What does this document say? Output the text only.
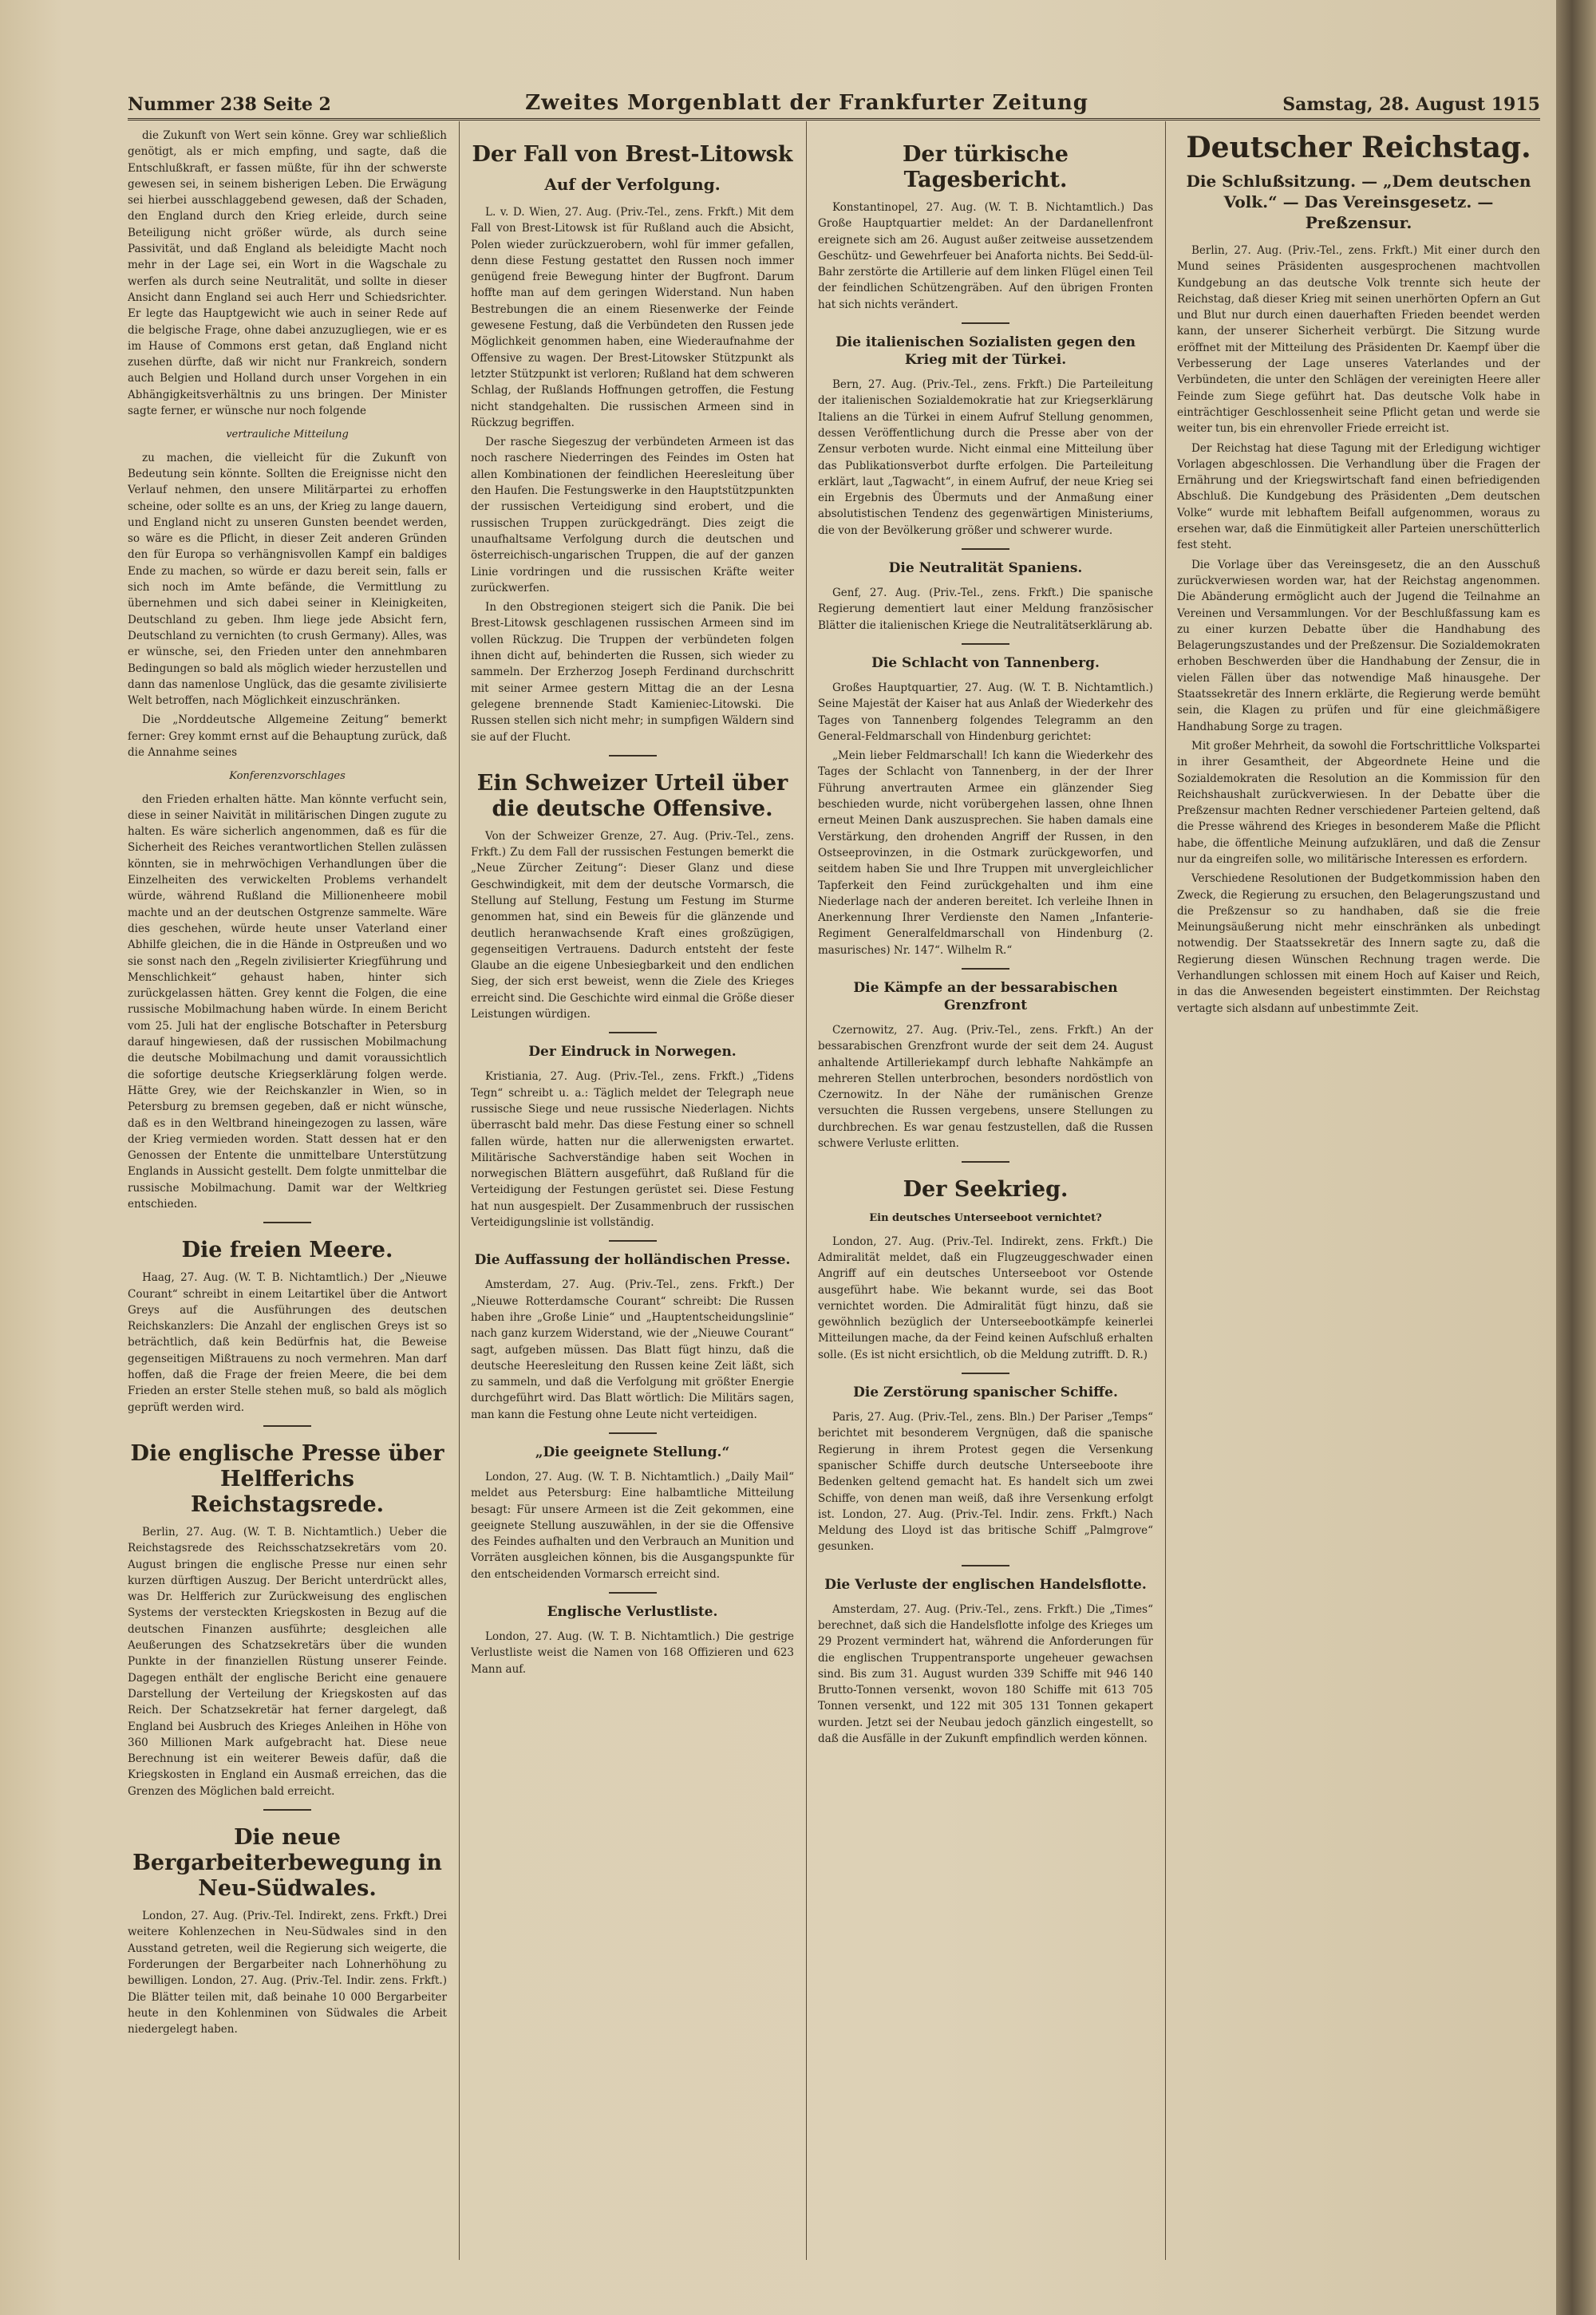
Nummer 238 Seite 2	Zweites Morgenblatt der Frankfurter Zeitung	Samstag, 28. August 1915

die Zukunft von Wert sein könne. Grey war schließlich genötigt, als er mich empfing, und sagte, daß die Entschlußkraft, er fassen müßte, für ihn der schwerste gewesen sei, in seinem bisherigen Leben. Die Erwägung sei hierbei ausschlaggebend gewesen, daß der Schaden, den England durch den Krieg erleide, durch seine Beteiligung nicht größer würde, als durch seine Passivität, und daß England als beleidigte Macht noch mehr in der Lage sei, ein Wort in die Wagschale zu werfen als durch seine Neutralität, und sollte in dieser Ansicht dann England sei auch Herr und Schiedsrichter. Er legte das Hauptgewicht wie auch in seiner Rede auf die belgische Frage, ohne dabei anzuzugliegen, wie er es im Hause of Commons erst getan, daß England nicht zusehen dürfte, daß wir nicht nur Frankreich, sondern auch Belgien und Holland durch unser Vorgehen in ein Abhängigkeitsverhältnis zu uns bringen. Der Minister sagte ferner, er wünsche nur noch folgende

vertrauliche Mitteilung

zu machen, die vielleicht für die Zukunft von Bedeutung sein könnte. Sollten die Ereignisse nicht den Verlauf nehmen, den unsere Militärpartei zu erhoffen scheine, oder sollte es an uns, der Krieg zu lange dauern, und England nicht zu unseren Gunsten beendet werden, so wäre es die Pflicht, in dieser Zeit anderen Gründen den für Europa so verhängnisvollen Kampf ein baldiges Ende zu machen, so würde er dazu bereit sein, falls er sich noch im Amte befände, die Vermittlung zu übernehmen und sich dabei seiner in Kleinigkeiten, Deutschland zu geben. Ihm liege jede Absicht fern, Deutschland zu vernichten (to crush Germany). Alles, was er wünsche, sei, den Frieden unter den annehmbaren Bedingungen so bald als möglich wieder herzustellen und dann das namenlose Unglück, das die gesamte zivilisierte Welt betroffen, nach Möglichkeit einzuschränken.

Die „Norddeutsche Allgemeine Zeitung“ bemerkt ferner: Grey kommt ernst auf die Behauptung zurück, daß die Annahme seines

Konferenzvorschlages

den Frieden erhalten hätte. Man könnte verfucht sein, diese in seiner Naivität in militärischen Dingen zugute zu halten. Es wäre sicherlich angenommen, daß es für die Sicherheit des Reiches verantwortlichen Stellen zulässen könnten, sie in mehrwöchigen Verhandlungen über die Einzelheiten des verwickelten Problems verhandelt würde, während Rußland die Millionenheere mobil machte und an der deutschen Ostgrenze sammelte. Wäre dies geschehen, würde heute unser Vaterland einer Abhilfe gleichen, die in die Hände in Ostpreußen und wo sie sonst nach den „Regeln zivilisierter Kriegführung und Menschlichkeit“ gehaust haben, hinter sich zurückgelassen hätten. Grey kennt die Folgen, die eine russische Mobilmachung haben würde. In einem Bericht vom 25. Juli hat der englische Botschafter in Petersburg darauf hingewiesen, daß der russischen Mobilmachung die deutsche Mobilmachung und damit voraussichtlich die sofortige deutsche Kriegserklärung folgen werde. Hätte Grey, wie der Reichskanzler in Wien, so in Petersburg zu bremsen gegeben, daß er nicht wünsche, daß es in den Weltbrand hineingezogen zu lassen, wäre der Krieg vermieden worden. Statt dessen hat er den Genossen der Entente die unmittelbare Unterstützung Englands in Aussicht gestellt. Dem folgte unmittelbar die russische Mobilmachung. Damit war der Weltkrieg entschieden.

Die freien Meere.

Haag, 27. Aug. (W. T. B. Nichtamtlich.) Der „Nieuwe Courant“ schreibt in einem Leitartikel über die Antwort Greys auf die Ausführungen des deutschen Reichskanzlers: Die Anzahl der englischen Greys ist so beträchtlich, daß kein Bedürfnis hat, die Beweise gegenseitigen Mißtrauens zu noch vermehren. Man darf hoffen, daß die Frage der freien Meere, die bei dem Frieden an erster Stelle stehen muß, so bald als möglich geprüft werden wird.

Die englische Presse über Helfferichs Reichstagsrede.

Berlin, 27. Aug. (W. T. B. Nichtamtlich.) Ueber die Reichstagsrede des Reichsschatzsekretärs vom 20. August bringen die englische Presse nur einen sehr kurzen dürftigen Auszug. Der Bericht unterdrückt alles, was Dr. Helfferich zur Zurückweisung des englischen Systems der versteckten Kriegskosten in Bezug auf die deutschen Finanzen ausführte; desgleichen alle Aeußerungen des Schatzsekretärs über die wunden Punkte in der finanziellen Rüstung unserer Feinde. Dagegen enthält der englische Bericht eine genauere Darstellung der Verteilung der Kriegskosten auf das Reich. Der Schatzsekretär hat ferner dargelegt, daß England bei Ausbruch des Krieges Anleihen in Höhe von 360 Millionen Mark aufgebracht hat. Diese neue Berechnung ist ein weiterer Beweis dafür, daß die Kriegskosten in England ein Ausmaß erreichen, das die Grenzen des Möglichen bald erreicht.

Die neue Bergarbeiterbewegung in Neu-Südwales.

London, 27. Aug. (Priv.-Tel. Indirekt, zens. Frkft.) Drei weitere Kohlenzechen in Neu-Südwales sind in den Ausstand getreten, weil die Regierung sich weigerte, die Forderungen der Bergarbeiter nach Lohnerhöhung zu bewilligen. London, 27. Aug. (Priv.-Tel. Indir. zens. Frkft.) Die Blätter teilen mit, daß beinahe 10 000 Bergarbeiter heute in den Kohlenminen von Südwales die Arbeit niedergelegt haben.

Der Fall von Brest-Litowsk
Auf der Verfolgung.

L. v. D. Wien, 27. Aug. (Priv.-Tel., zens. Frkft.) Mit dem Fall von Brest-Litowsk ist für Rußland auch die Absicht, Polen wieder zurückzuerobern, wohl für immer gefallen, denn diese Festung gestattet den Russen noch immer genügend freie Bewegung hinter der Bugfront. Darum hoffte man auf dem geringen Widerstand. Nun haben Bestrebungen die an einem Riesenwerke der Feinde gewesene Festung, daß die Verbündeten den Russen jede Möglichkeit genommen haben, eine Wiederaufnahme der Offensive zu wagen. Der Brest-Litowsker Stützpunkt als letzter Stützpunkt ist verloren; Rußland hat dem schweren Schlag, der Rußlands Hoffnungen getroffen, die Festung nicht standgehalten. Die russischen Armeen sind in Rückzug begriffen.

Der rasche Siegeszug der verbündeten Armeen ist das noch raschere Niederringen des Feindes im Osten hat allen Kombinationen der feindlichen Heeresleitung über den Haufen. Die Festungswerke in den Hauptstützpunkten der russischen Verteidigung sind erobert, und die russischen Truppen zurückgedrängt. Dies zeigt die unaufhaltsame Verfolgung durch die deutschen und österreichisch-ungarischen Truppen, die auf der ganzen Linie vordringen und die russischen Kräfte weiter zurückwerfen.

In den Obstregionen steigert sich die Panik. Die bei Brest-Litowsk geschlagenen russischen Armeen sind im vollen Rückzug. Die Truppen der verbündeten folgen ihnen dicht auf, behinderten die Russen, sich wieder zu sammeln. Der Erzherzog Joseph Ferdinand durchschritt mit seiner Armee gestern Mittag die an der Lesna gelegene brennende Stadt Kamieniec-Litowski. Die Russen stellen sich nicht mehr; in sumpfigen Wäldern sind sie auf der Flucht.

Ein Schweizer Urteil über die deutsche Offensive.

Von der Schweizer Grenze, 27. Aug. (Priv.-Tel., zens. Frkft.) Zu dem Fall der russischen Festungen bemerkt die „Neue Zürcher Zeitung“: Dieser Glanz und diese Geschwindigkeit, mit dem der deutsche Vormarsch, die Stellung auf Stellung, Festung um Festung im Sturme genommen hat, sind ein Beweis für die glänzende und deutlich heranwachsende Kraft eines großzügigen, gegenseitigen Vertrauens. Dadurch entsteht der feste Glaube an die eigene Unbesiegbarkeit und den endlichen Sieg, der sich erst beweist, wenn die Ziele des Krieges erreicht sind. Die Geschichte wird einmal die Größe dieser Leistungen würdigen.

Der Eindruck in Norwegen.

Kristiania, 27. Aug. (Priv.-Tel., zens. Frkft.) „Tidens Tegn“ schreibt u. a.: Täglich meldet der Telegraph neue russische Siege und neue russische Niederlagen. Nichts überrascht bald mehr. Das diese Festung einer so schnell fallen würde, hatten nur die allerwenigsten erwartet. Militärische Sachverständige haben seit Wochen in norwegischen Blättern ausgeführt, daß Rußland für die Verteidigung der Festungen gerüstet sei. Diese Festung hat nun ausgespielt. Der Zusammenbruch der russischen Verteidigungslinie ist vollständig.

Die Auffassung der holländischen Presse.

Amsterdam, 27. Aug. (Priv.-Tel., zens. Frkft.) Der „Nieuwe Rotterdamsche Courant“ schreibt: Die Russen haben ihre „Große Linie“ und „Hauptentscheidungslinie“ nach ganz kurzem Widerstand, wie der „Nieuwe Courant“ sagt, aufgeben müssen. Das Blatt fügt hinzu, daß die deutsche Heeresleitung den Russen keine Zeit läßt, sich zu sammeln, und daß die Verfolgung mit größter Energie durchgeführt wird. Das Blatt wörtlich: Die Militärs sagen, man kann die Festung ohne Leute nicht verteidigen.

„Die geeignete Stellung.“

London, 27. Aug. (W. T. B. Nichtamtlich.) „Daily Mail“ meldet aus Petersburg: Eine halbamtliche Mitteilung besagt: Für unsere Armeen ist die Zeit gekommen, eine geeignete Stellung auszuwählen, in der sie die Offensive des Feindes aufhalten und den Verbrauch an Munition und Vorräten ausgleichen können, bis die Ausgangspunkte für den entscheidenden Vormarsch erreicht sind.

Englische Verlustliste.

London, 27. Aug. (W. T. B. Nichtamtlich.) Die gestrige Verlustliste weist die Namen von 168 Offizieren und 623 Mann auf.

Der türkische Tagesbericht.

Konstantinopel, 27. Aug. (W. T. B. Nichtamtlich.) Das Große Hauptquartier meldet: An der Dardanellenfront ereignete sich am 26. August außer zeitweise aussetzendem Geschütz- und Gewehrfeuer bei Anaforta nichts. Bei Sedd-ül-Bahr zerstörte die Artillerie auf dem linken Flügel einen Teil der feindlichen Schützengräben. Auf den übrigen Fronten hat sich nichts verändert.

Die italienischen Sozialisten gegen den Krieg mit der Türkei.

Bern, 27. Aug. (Priv.-Tel., zens. Frkft.) Die Parteileitung der italienischen Sozialdemokratie hat zur Kriegserklärung Italiens an die Türkei in einem Aufruf Stellung genommen, dessen Veröffentlichung durch die Presse aber von der Zensur verboten wurde. Nicht einmal eine Mitteilung über das Publikationsverbot durfte erfolgen. Die Parteileitung erklärt, laut „Tagwacht“, in einem Aufruf, der neue Krieg sei ein Ergebnis des Übermuts und der Anmaßung einer absolutistischen Tendenz des gegenwärtigen Ministeriums, die von der Bevölkerung größer und schwerer wurde.

Die Neutralität Spaniens.

Genf, 27. Aug. (Priv.-Tel., zens. Frkft.) Die spanische Regierung dementiert laut einer Meldung französischer Blätter die italienischen Kriege die Neutralitätserklärung ab.

Die Schlacht von Tannenberg.

Großes Hauptquartier, 27. Aug. (W. T. B. Nichtamtlich.) Seine Majestät der Kaiser hat aus Anlaß der Wiederkehr des Tages von Tannenberg folgendes Telegramm an den General-Feldmarschall von Hindenburg gerichtet:

„Mein lieber Feldmarschall! Ich kann die Wiederkehr des Tages der Schlacht von Tannenberg, in der der Ihrer Führung anvertrauten Armee ein glänzender Sieg beschieden wurde, nicht vorübergehen lassen, ohne Ihnen erneut Meinen Dank auszusprechen. Sie haben damals eine Verstärkung, den drohenden Angriff der Russen, in den Ostseeprovinzen, in die Ostmark zurückgeworfen, und seitdem haben Sie und Ihre Truppen mit unvergleichlicher Tapferkeit den Feind zurückgehalten und ihm eine Niederlage nach der anderen bereitet. Ich verleihe Ihnen in Anerkennung Ihrer Verdienste den Namen „Infanterie-Regiment Generalfeldmarschall von Hindenburg (2. masurisches) Nr. 147“. Wilhelm R.“

Die Kämpfe an der bessarabischen Grenzfront

Czernowitz, 27. Aug. (Priv.-Tel., zens. Frkft.) An der bessarabischen Grenzfront wurde der seit dem 24. August anhaltende Artilleriekampf durch lebhafte Nahkämpfe an mehreren Stellen unterbrochen, besonders nordöstlich von Czernowitz. In der Nähe der rumänischen Grenze versuchten die Russen vergebens, unsere Stellungen zu durchbrechen. Es war genau festzustellen, daß die Russen schwere Verluste erlitten.

Der Seekrieg.
Ein deutsches Unterseeboot vernichtet?

London, 27. Aug. (Priv.-Tel. Indirekt, zens. Frkft.) Die Admiralität meldet, daß ein Flugzeuggeschwader einen Angriff auf ein deutsches Unterseeboot vor Ostende ausgeführt habe. Wie bekannt wurde, sei das Boot vernichtet worden. Die Admiralität fügt hinzu, daß sie gewöhnlich bezüglich der Unterseebootkämpfe keinerlei Mitteilungen mache, da der Feind keinen Aufschluß erhalten solle. (Es ist nicht ersichtlich, ob die Meldung zutrifft. D. R.)

Die Zerstörung spanischer Schiffe.

Paris, 27. Aug. (Priv.-Tel., zens. Bln.) Der Pariser „Temps“ berichtet mit besonderem Vergnügen, daß die spanische Regierung in ihrem Protest gegen die Versenkung spanischer Schiffe durch deutsche Unterseeboote ihre Bedenken geltend gemacht hat. Es handelt sich um zwei Schiffe, von denen man weiß, daß ihre Versenkung erfolgt ist. London, 27. Aug. (Priv.-Tel. Indir. zens. Frkft.) Nach Meldung des Lloyd ist das britische Schiff „Palmgrove“ gesunken.

Die Verluste der englischen Handelsflotte.

Amsterdam, 27. Aug. (Priv.-Tel., zens. Frkft.) Die „Times“ berechnet, daß sich die Handelsflotte infolge des Krieges um 29 Prozent vermindert hat, während die Anforderungen für die englischen Truppentransporte ungeheuer gewachsen sind. Bis zum 31. August wurden 339 Schiffe mit 946 140 Brutto-Tonnen versenkt, wovon 180 Schiffe mit 613 705 Tonnen versenkt, und 122 mit 305 131 Tonnen gekapert wurden. Jetzt sei der Neubau jedoch gänzlich eingestellt, so daß die Ausfälle in der Zukunft empfindlich werden können.

Deutscher Reichstag.
Die Schlußsitzung. — „Dem deutschen Volk.“ — Das Vereinsgesetz. — Preßzensur.

Berlin, 27. Aug. (Priv.-Tel., zens. Frkft.) Mit einer durch den Mund seines Präsidenten ausgesprochenen machtvollen Kundgebung an das deutsche Volk trennte sich heute der Reichstag, daß dieser Krieg mit seinen unerhörten Opfern an Gut und Blut nur durch einen dauerhaften Frieden beendet werden kann, der unserer Sicherheit verbürgt. Die Sitzung wurde eröffnet mit der Mitteilung des Präsidenten Dr. Kaempf über die Verbesserung der Lage unseres Vaterlandes und der Verbündeten, die unter den Schlägen der vereinigten Heere aller Feinde zum Siege geführt hat. Das deutsche Volk habe in einträchtiger Geschlossenheit seine Pflicht getan und werde sie weiter tun, bis ein ehrenvoller Friede erreicht ist.

Der Reichstag hat diese Tagung mit der Erledigung wichtiger Vorlagen abgeschlossen. Die Verhandlung über die Fragen der Ernährung und der Kriegswirtschaft fand einen befriedigenden Abschluß. Die Kundgebung des Präsidenten „Dem deutschen Volke“ wurde mit lebhaftem Beifall aufgenommen, woraus zu ersehen war, daß die Einmütigkeit aller Parteien unerschütterlich fest steht.

Die Vorlage über das Vereinsgesetz, die an den Ausschuß zurückverwiesen worden war, hat der Reichstag angenommen. Die Abänderung ermöglicht auch der Jugend die Teilnahme an Vereinen und Versammlungen. Vor der Beschlußfassung kam es zu einer kurzen Debatte über die Handhabung des Belagerungszustandes und der Preßzensur. Die Sozialdemokraten erhoben Beschwerden über die Handhabung der Zensur, die in vielen Fällen über das notwendige Maß hinausgehe. Der Staatssekretär des Innern erklärte, die Regierung werde bemüht sein, die Klagen zu prüfen und für eine gleichmäßigere Handhabung Sorge zu tragen.

Mit großer Mehrheit, da sowohl die Fortschrittliche Volkspartei in ihrer Gesamtheit, der Abgeordnete Heine und die Sozialdemokraten die Resolution an die Kommission für den Reichshaushalt zurückverwiesen. In der Debatte über die Preßzensur machten Redner verschiedener Parteien geltend, daß die Presse während des Krieges in besonderem Maße die Pflicht habe, die öffentliche Meinung aufzuklären, und daß die Zensur nur da eingreifen solle, wo militärische Interessen es erfordern.

Verschiedene Resolutionen der Budgetkommission haben den Zweck, die Regierung zu ersuchen, den Belagerungszustand und die Preßzensur so zu handhaben, daß sie die freie Meinungsäußerung nicht mehr einschränken als unbedingt notwendig. Der Staatssekretär des Innern sagte zu, daß die Regierung diesen Wünschen Rechnung tragen werde. Die Verhandlungen schlossen mit einem Hoch auf Kaiser und Reich, in das die Anwesenden begeistert einstimmten. Der Reichstag vertagte sich alsdann auf unbestimmte Zeit.
